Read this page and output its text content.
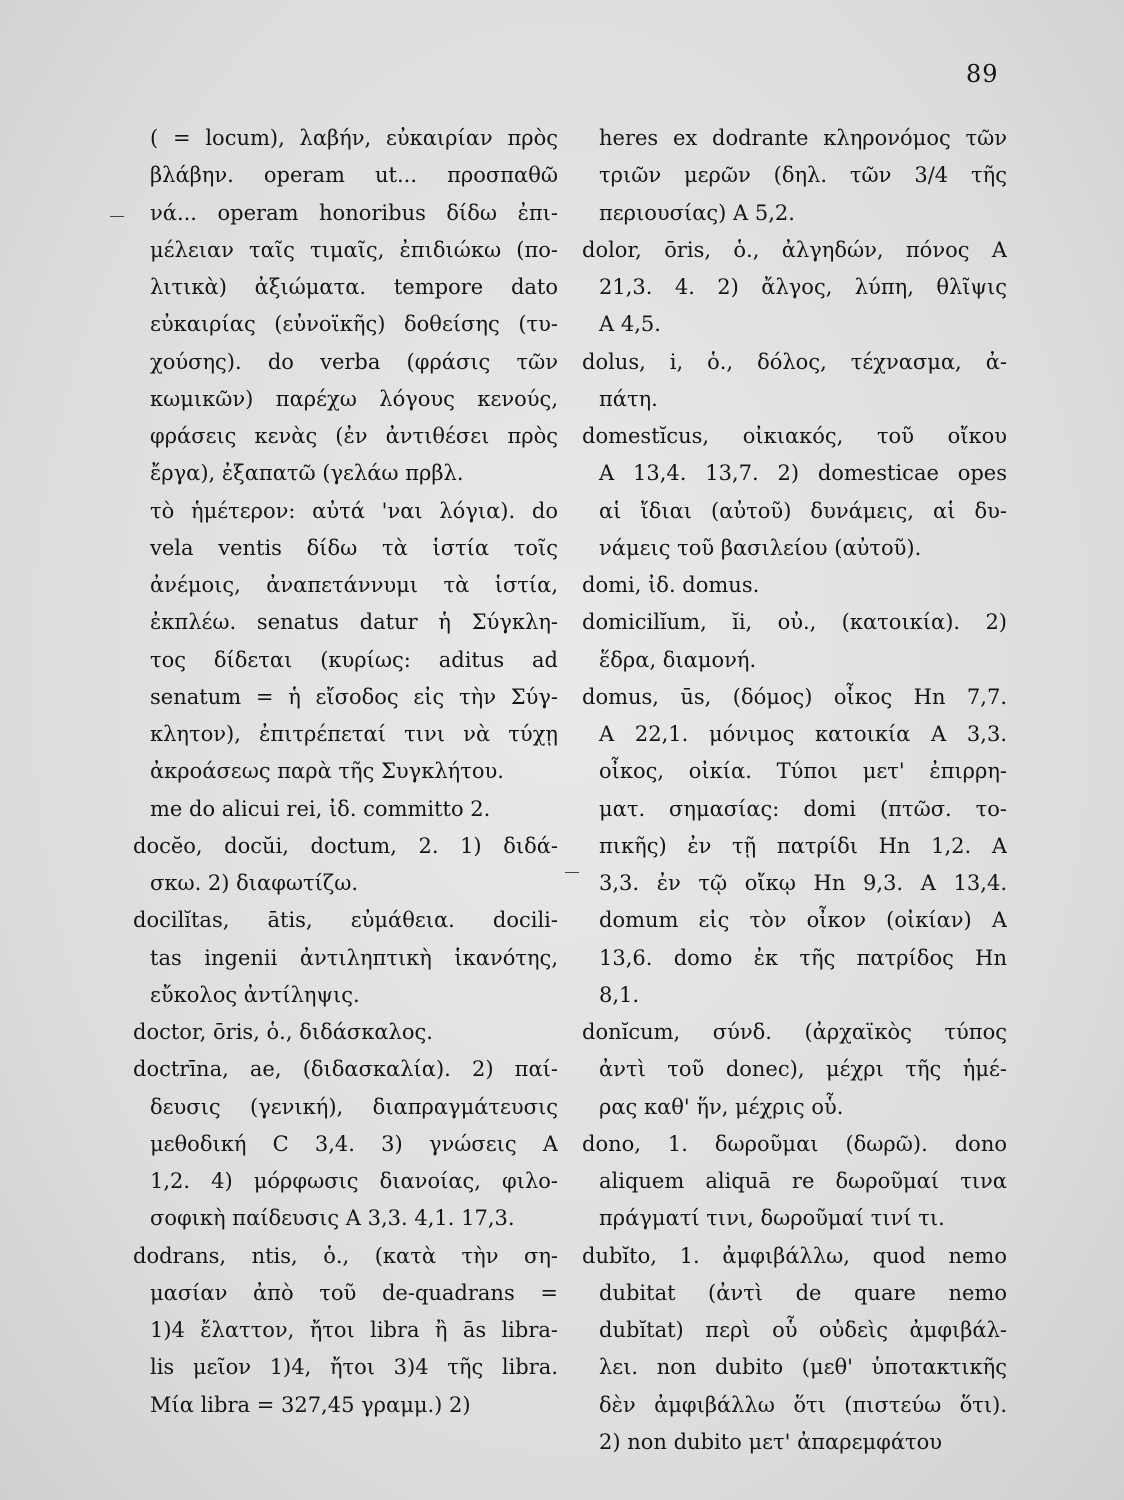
89
( = locum), λαβήν, εὐκαιρίαν πρὸς
βλάβην. operam ut... προσπαθῶ
νά... operam honoribus δίδω ἐπι-
μέλειαν ταῖς τιμαῖς, ἐπιδιώκω (πο-
λιτικὰ) ἀξιώματα. tempore dato
εὐκαιρίας (εὐνοϊκῆς) δοθείσης (τυ-
χούσης). do verba (φράσις τῶν
κωμικῶν) παρέχω λόγους κενούς,
φράσεις κενὰς (ἐν ἀντιθέσει πρὸς
ἔργα), ἐξαπατῶ (γελάω πρβλ.
τὸ ἡμέτερον: αὐτά 'ναι λόγια). do
vela ventis δίδω τὰ ἱστία τοῖς
ἀνέμοις, ἀναπετάννυμι τὰ ἱστία,
ἐκπλέω. senatus datur ἡ Σύγκλη-
τος δίδεται (κυρίως: aditus ad
senatum = ἡ εἴσοδος εἰς τὴν Σύγ-
κλητον), ἐπιτρέπεταί τινι νὰ τύχῃ
ἀκροάσεως παρὰ τῆς Συγκλήτου.
me do alicui rei, ἰδ. committo 2.
docĕo, docŭi, doctum, 2. 1) διδά-
σκω. 2) διαφωτίζω.
docilĭtas, ātis, εὐμάθεια. docili-
tas ingenii ἀντιληπτικὴ ἱκανότης,
εὔκολος ἀντίληψις.
doctor, ōris, ὁ., διδάσκαλος.
doctrīna, ae, (διδασκαλία). 2) παί-
δευσις (γενική), διαπραγμάτευσις
μεθοδική C 3,4. 3) γνώσεις A
1,2. 4) μόρφωσις διανοίας, φιλο-
σοφικὴ παίδευσις A 3,3. 4,1. 17,3.
dodrans, ntis, ὁ., (κατὰ τὴν ση-
μασίαν ἀπὸ τοῦ de-quadrans =
1)4 ἔλαττον, ἤτοι libra ἢ ās libra-
lis μεῖον 1)4, ἤτοι 3)4 τῆς libra.
Μία libra = 327,45 γραμμ.) 2)
heres ex dodrante κληρονόμος τῶν
τριῶν μερῶν (δηλ. τῶν 3/4 τῆς
περιουσίας) A 5,2.
dolor, ōris, ὁ., ἀλγηδών, πόνος A
21,3. 4. 2) ἄλγος, λύπη, θλῖψις
A 4,5.
dolus, i, ὁ., δόλος, τέχνασμα, ἀ-
πάτη.
domestĭcus, οἰκιακός, τοῦ οἴκου
A 13,4. 13,7. 2) domesticae opes
αἱ ἴδιαι (αὐτοῦ) δυνάμεις, αἱ δυ-
νάμεις τοῦ βασιλείου (αὐτοῦ).
domi, ἰδ. domus.
domicilĭum, ĭi, οὐ., (κατοικία). 2)
ἕδρα, διαμονή.
domus, ūs, (δόμος) οἶκος Hn 7,7.
A 22,1. μόνιμος κατοικία A 3,3.
οἶκος, οἰκία. Τύποι μετ' ἐπιρρη-
ματ. σημασίας: domi (πτῶσ. το-
πικῆς) ἐν τῇ πατρίδι Hn 1,2. A
3,3. ἐν τῷ οἴκῳ Hn 9,3. A 13,4.
domum εἰς τὸν οἶκον (οἰκίαν) A
13,6. domo ἐκ τῆς πατρίδος Hn
8,1.
donĭcum, σύνδ. (ἀρχαϊκὸς τύπος
ἀντὶ τοῦ donec), μέχρι τῆς ἡμέ-
ρας καθ' ἥν, μέχρις οὗ.
dono, 1. δωροῦμαι (δωρῶ). dono
aliquem aliquā re δωροῦμαί τινα
πράγματί τινι, δωροῦμαί τινί τι.
dubĭto, 1. ἀμφιβάλλω, quod nemo
dubitat (ἀντὶ de quare nemo
dubĭtat) περὶ οὗ οὐδεὶς ἀμφιβάλ-
λει. non dubito (μεθ' ὑποτακτικῆς
δὲν ἀμφιβάλλω ὅτι (πιστεύω ὅτι).
2) non dubito μετ' ἀπαρεμφάτου
